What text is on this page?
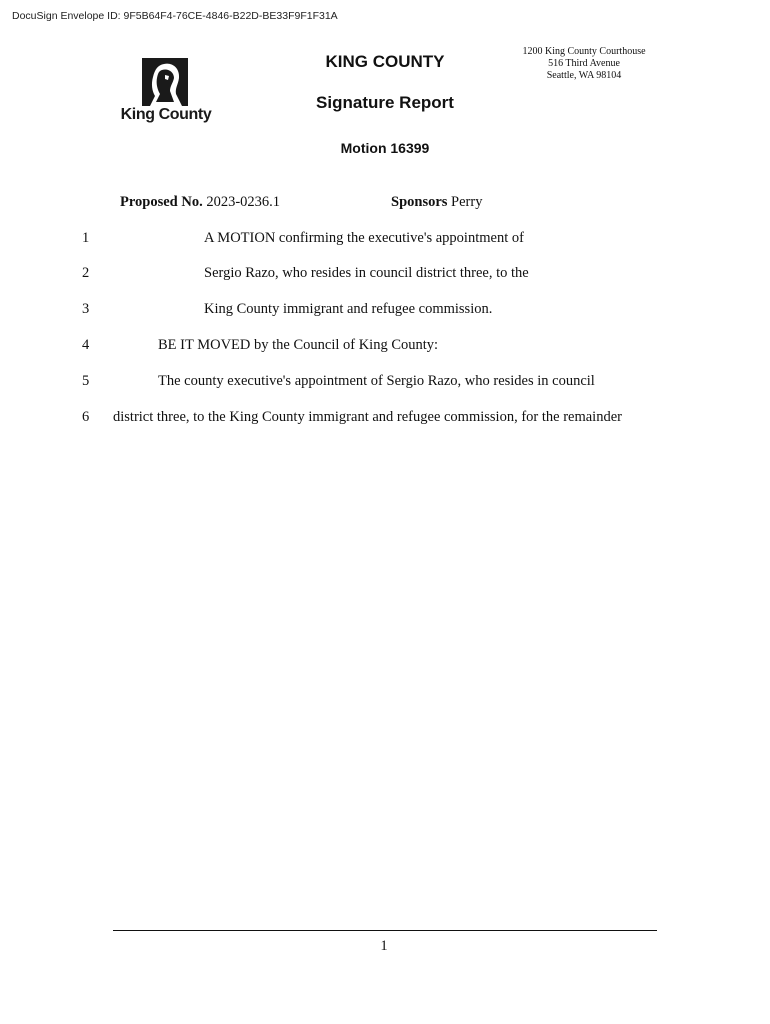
DocuSign Envelope ID: 9F5B64F4-76CE-4846-B22D-BE33F9F1F31A
King County
KING COUNTY
1200 King County Courthouse
516 Third Avenue
Seattle, WA 98104
Signature Report
Motion 16399
Proposed No. 2023-0236.1	Sponsors Perry
1	A MOTION confirming the executive's appointment of
2	Sergio Razo, who resides in council district three, to the
3	King County immigrant and refugee commission.
4	BE IT MOVED by the Council of King County:
5	The county executive's appointment of Sergio Razo, who resides in council
6 district three, to the King County immigrant and refugee commission, for the remainder
1
